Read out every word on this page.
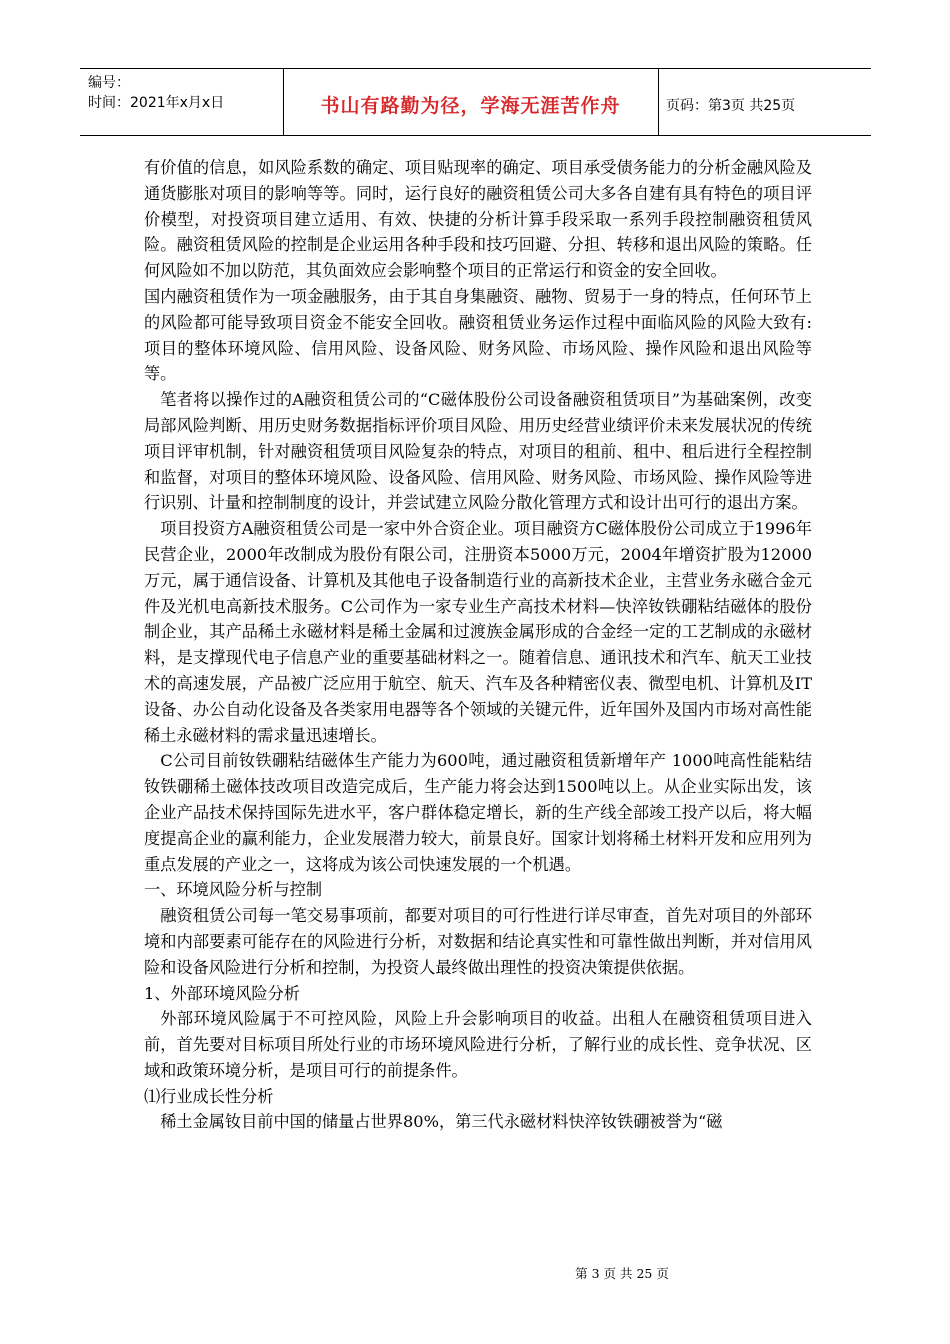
编号：
时间：2021年x月x日	书山有路勤为径，学海无涯苦作舟	页码：第3页 共25页

有价值的信息，如风险系数的确定、项目贴现率的确定、项目承受债务能力的分析金融风险及通货膨胀对项目的影响等等。同时，运行良好的融资租赁公司大多各自建有具有特色的项目评价模型，对投资项目建立适用、有效、快捷的分析计算手段采取一系列手段控制融资租赁风险。融资租赁风险的控制是企业运用各种手段和技巧回避、分担、转移和退出风险的策略。任何风险如不加以防范，其负面效应会影响整个项目的正常运行和资金的安全回收。

国内融资租赁作为一项金融服务，由于其自身集融资、融物、贸易于一身的特点，任何环节上的风险都可能导致项目资金不能安全回收。融资租赁业务运作过程中面临风险的风险大致有:项目的整体环境风险、信用风险、设备风险、财务风险、市场风险、操作风险和退出风险等等。

笔者将以操作过的A融资租赁公司的“C磁体股份公司设备融资租赁项目”为基础案例，改变局部风险判断、用历史财务数据指标评价项目风险、用历史经营业绩评价未来发展状况的传统项目评审机制，针对融资租赁项目风险复杂的特点，对项目的租前、租中、租后进行全程控制和监督，对项目的整体环境风险、设备风险、信用风险、财务风险、市场风险、操作风险等进行识别、计量和控制制度的设计，并尝试建立风险分散化管理方式和设计出可行的退出方案。

项目投资方A融资租赁公司是一家中外合资企业。项目融资方C磁体股份公司成立于1996年民营企业，2000年改制成为股份有限公司，注册资本5000万元，2004年增资扩股为12000万元，属于通信设备、计算机及其他电子设备制造行业的高新技术企业，主营业务永磁合金元件及光机电高新技术服务。C公司作为一家专业生产高技术材料—快淬钕铁硼粘结磁体的股份制企业，其产品稀土永磁材料是稀土金属和过渡族金属形成的合金经一定的工艺制成的永磁材料，是支撑现代电子信息产业的重要基础材料之一。随着信息、通讯技术和汽车、航天工业技术的高速发展，产品被广泛应用于航空、航天、汽车及各种精密仪表、微型电机、计算机及IT设备、办公自动化设备及各类家用电器等各个领域的关键元件，近年国外及国内市场对高性能稀土永磁材料的需求量迅速增长。

C公司目前钕铁硼粘结磁体生产能力为600吨，通过融资租赁新增年产 1000吨高性能粘结钕铁硼稀土磁体技改项目改造完成后，生产能力将会达到1500吨以上。从企业实际出发，该企业产品技术保持国际先进水平，客户群体稳定增长，新的生产线全部竣工投产以后，将大幅度提高企业的赢利能力，企业发展潜力较大，前景良好。国家计划将稀土材料开发和应用列为重点发展的产业之一，这将成为该公司快速发展的一个机遇。

一、环境风险分析与控制

融资租赁公司每一笔交易事项前，都要对项目的可行性进行详尽审查，首先对项目的外部环境和内部要素可能存在的风险进行分析，对数据和结论真实性和可靠性做出判断，并对信用风险和设备风险进行分析和控制，为投资人最终做出理性的投资决策提供依据。

1、外部环境风险分析

外部环境风险属于不可控风险，风险上升会影响项目的收益。出租人在融资租赁项目进入前，首先要对目标项目所处行业的市场环境风险进行分析，了解行业的成长性、竞争状况、区域和政策环境分析，是项目可行的前提条件。

⑴行业成长性分析

稀土金属钕目前中国的储量占世界80%，第三代永磁材料快淬钕铁硼被誉为“磁

第 3 页 共 25 页
